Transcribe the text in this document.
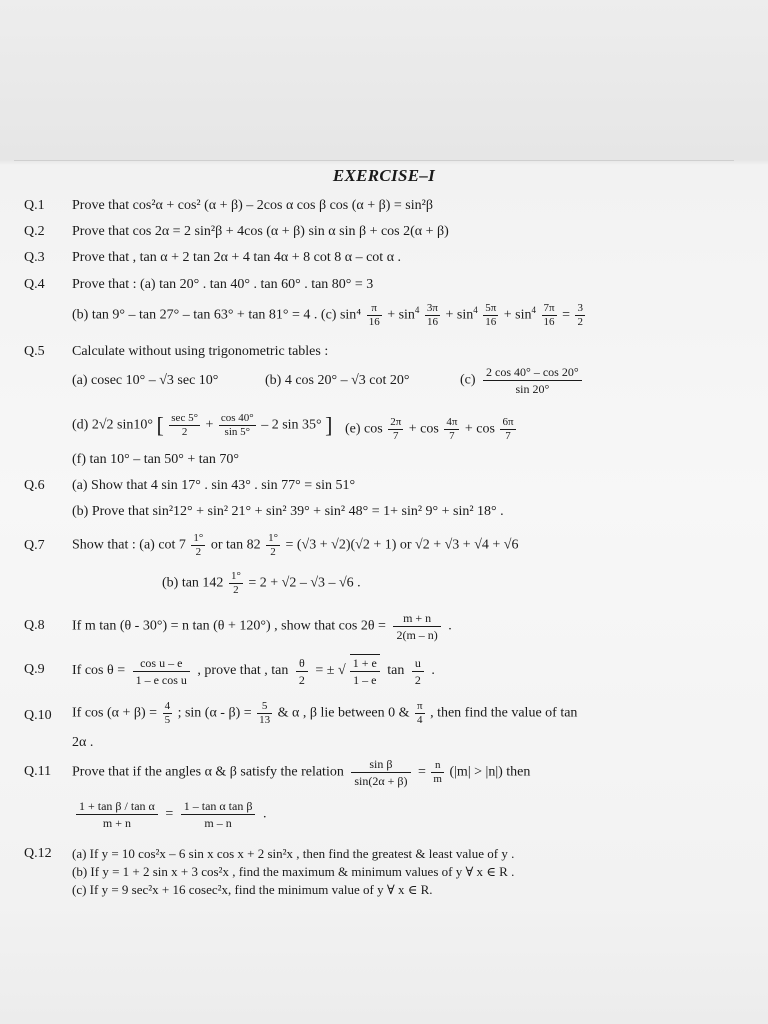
EXERCISE–I
Q.1 Prove that cos²α + cos² (α + β) – 2cos α cos β cos (α + β) = sin²β
Q.2 Prove that cos 2α = 2 sin²β + 4cos (α + β) sin α sin β + cos 2(α + β)
Q.3 Prove that , tan α + 2 tan 2α + 4 tan 4α + 8 cot 8 α – cot α .
Q.4 Prove that : (a) tan 20° . tan 40° . tan 60° . tan 80° = 3
(b) tan 9° – tan 27° – tan 63° + tan 81° = 4 . (c) $\sin^4 \frac{\pi}{16} + \sin^4 \frac{3\pi}{16} + \sin^4 \frac{5\pi}{16} + \sin^4 \frac{7\pi}{16} = \frac{3}{2}$
Q.5 Calculate without using trigonometric tables :
(a) cosec 10° – √3 sec 10°	(b) 4 cos 20° – √3 cot 20°	$(c) \frac{2 \cos 40^\circ - \cos 20^\circ}{\sin 20^\circ}$
(d) 2√2 sin10° [ sec 5°
2	+ $\frac{\cos 40^\circ}{\sin 5^\circ} - 2$ sin 35° ] (e) $\cos \frac{2\pi}{7} + \cos \frac{4\pi}{7} + \cos \frac{6\pi}{7}$
(f) tan 10° – tan 50° + tan 70°
Q.6 (a) Show that 4 sin 17° . sin 43° . sin 77° = sin 51°
(b) Prove that sin²12° + sin² 21° + sin² 39° + sin² 48° = 1+ sin² 9° + sin² 18° .
Q.7 Show that : (a) $\cot 7 \frac{1^\circ}{2}$ or $\tan 82 \frac{1^\circ}{2} = (√3 + √2)(√2 + 1)$ or √2 + √3 + √4 + √6
(b) $\tan 142 \frac{1^\circ}{2} = 2 + √2 - √3 - √6$ .
Q.8 If m tan (θ - 30°) = n tan (θ + 120°) , show that $\cos 2\theta = \frac{m + n}{2(m - n)}$ .
Q.9 If $\cos \theta = \frac{\text{cos u – e}}{\text{1 – e cos u}}$ , prove that , $\tan \frac{\theta}{2}$ = ± √ $\frac{1 + e}{1 - e}$ $\tan \frac{u}{2}$ .
Q.10 If $\cos (\alpha + \beta) = \frac{4}{5}$ ; $\sin (\alpha - \beta) = \frac{5}{13}$ & α , β lie between 0 & $\frac{\pi}{4}$ , then find the value of tan
2α .
Q.11 Prove that if the angles α & β satisfy the relation $\frac{\text{sin β}}{\sin(2\alpha + \beta)} = \frac{n}{m} (|m| > |n|)$ then
$\frac{\text{1 + tan β / tan α}}{m + n} = \frac{\text{1 – tan α tan β}}{m - n}$ .
Q.12 (a) If y = 10 cos²x – 6 sin x cos x + 2 sin²x , then find the greatest & least value of y .
(b) If y = 1 + 2 sin x + 3 cos²x , find the maximum & minimum values of y ∀ x ∈ R .
(c) If y = 9 sec²x + 16 cosec²x, find the minimum value of y ∀ x ∈ R.
